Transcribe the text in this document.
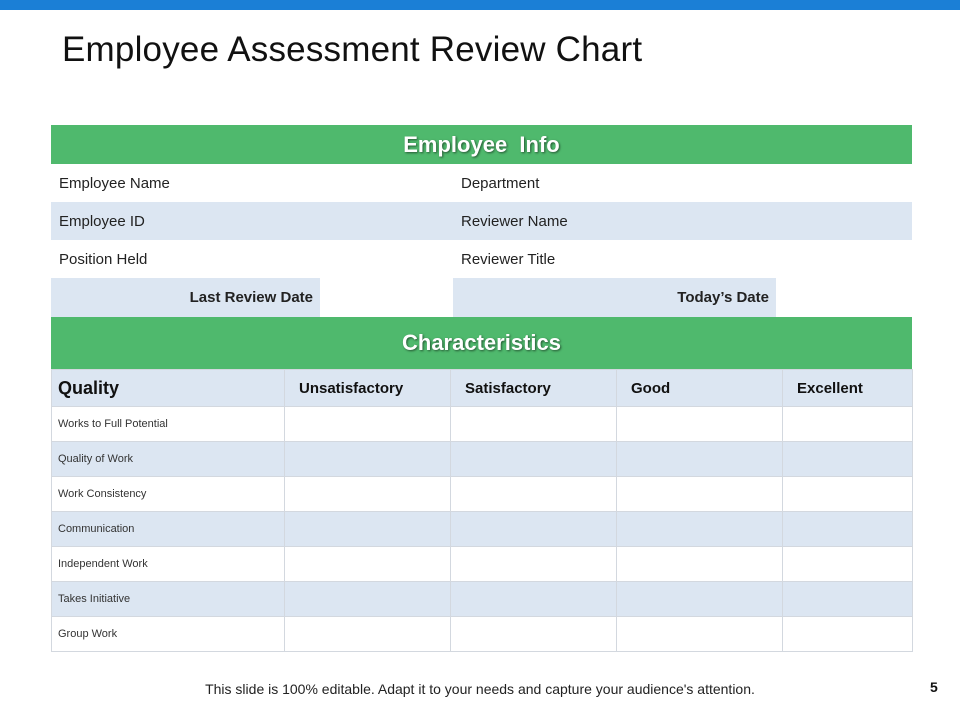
Employee Assessment Review Chart
Employee  Info
Employee Name	Department
Employee ID	Reviewer Name
Position Held	Reviewer Title
Last Review Date	Today’s Date
Characteristics
Quality	Unsatisfactory	Satisfactory	Good	Excellent
Works to Full Potential				
Quality of Work				
Work Consistency				
Communication				
Independent Work				
Takes Initiative				
Group Work				
This slide is 100% editable. Adapt it to your needs and capture your audience's attention.	5
